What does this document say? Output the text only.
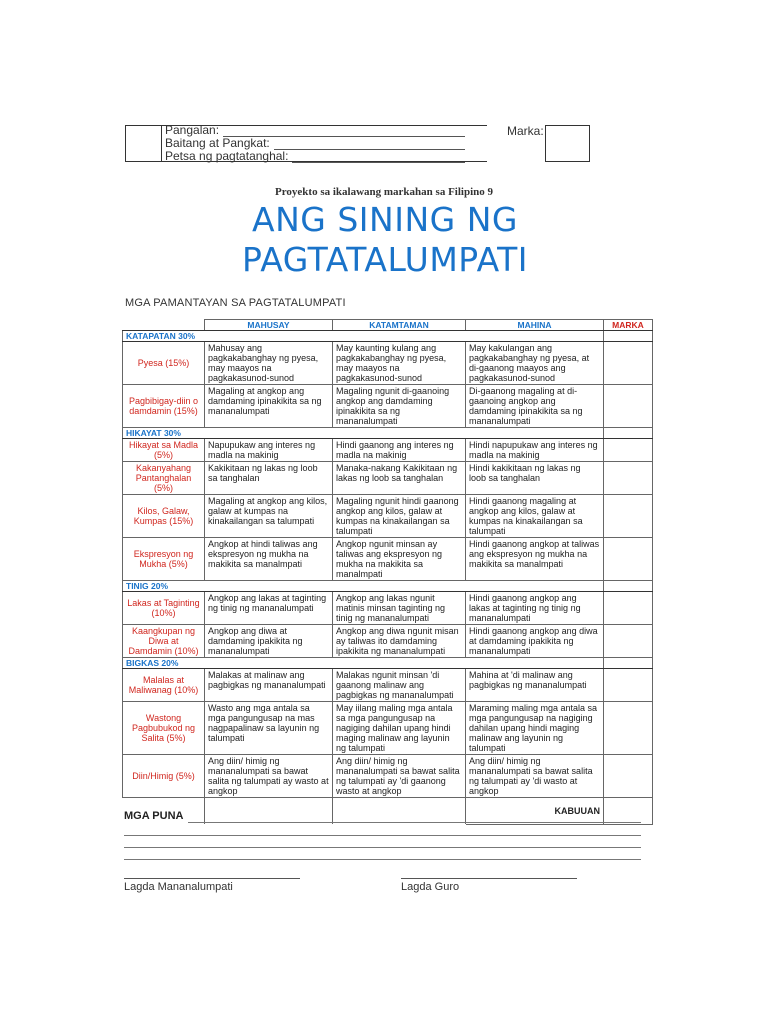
Pangalan:
Baitang at Pangkat:
Petsa ng pagtatanghal:
Marka:
Proyekto sa ikalawang markahan sa Filipino 9
ANG SINING NG PAGTATALUMPATI
MGA PAMANTAYAN SA PAGTATALUMPATI
	MAHUSAY	KATAMTAMAN	MAHINA	MARKA
KATAPATAN 30%				
Pyesa (15%)	Mahusay ang pagkakabanghay ng pyesa, may maayos na pagkakasunod-sunod	May kaunting kulang ang pagkakabanghay ng pyesa, may maayos na pagkakasunod-sunod	May kakulangan ang pagkakabanghay ng pyesa, at di-gaanong maayos ang pagkakasunod-sunod	
Pagbibigay-diin o damdamin (15%)	Magaling at angkop ang damdaming ipinakikita sa ng mananalumpati	Magaling ngunit di-gaanoing angkop ang damdaming ipinakikita sa ng mananalumpati	Di-gaanong magaling at di-gaanoing angkop ang damdaming ipinakikita sa ng mananalumpati	
HIKAYAT 30%				
Hikayat sa Madla (5%)	Napupukaw ang interes ng madla na makinig	Hindi gaanong ang interes ng madla na makinig	Hindi napupukaw ang interes ng madla na makinig	
Kakanyahang Pantanghalan (5%)	Kakikitaan ng lakas ng loob sa tanghalan	Manaka-nakang Kakikitaan ng lakas ng loob sa tanghalan	Hindi kakikitaan ng lakas ng loob sa tanghalan	
Kilos, Galaw, Kumpas (15%)	Magaling at angkop ang kilos, galaw at kumpas na kinakailangan sa talumpati	Magaling ngunit hindi gaanong angkop ang kilos, galaw at kumpas na kinakailangan sa talumpati	Hindi gaanong magaling at angkop ang kilos, galaw at kumpas na kinakailangan sa talumpati	
Ekspresyon ng Mukha (5%)	Angkop at hindi taliwas ang ekspresyon ng mukha na makikita sa manalmpati	Angkop ngunit minsan ay taliwas ang ekspresyon ng mukha na makikita sa manalmpati	Hindi gaanong angkop at taliwas ang ekspresyon ng mukha na makikita sa manalmpati	
TINIG 20%				
Lakas at Taginting (10%)	Angkop ang lakas at taginting ng tinig ng mananalumpati	Angkop ang lakas ngunit matinis minsan taginting ng tinig ng mananalumpati	Hindi gaanong angkop ang lakas at taginting ng tinig ng mananalumpati	
Kaangkupan ng Diwa at Damdamin (10%)	Angkop ang diwa at damdaming ipakikita ng mananalumpati	Angkop ang diwa ngunit misan ay taliwas ito damdaming ipakikita ng mananalumpati	Hindi gaanong angkop ang diwa at damdaming ipakikita ng mananalumpati	
BIGKAS 20%				
Malalas at Maliwanag (10%)	Malakas at malinaw ang pagbigkas ng mananalumpati	Malakas ngunit minsan 'di gaanong malinaw ang pagbigkas ng mananalumpati	Mahina at 'di malinaw ang pagbigkas ng mananalumpati	
Wastong Pagbubukod ng Salita (5%)	Wasto ang mga antala sa mga pangungusap na mas nagpapalinaw sa layunin ng talumpati	May iilang maling mga antala sa mga pangungusap na nagiging dahilan upang hindi maging malinaw ang layunin ng talumpati	Maraming maling mga antala sa mga pangungusap na nagiging dahilan upang hindi maging malinaw ang layunin ng talumpati	
Diin/Himig (5%)	Ang diin/ himig ng mananalumpati sa bawat salita ng talumpati ay wasto at angkop	Ang diin/ himig ng mananalumpati sa bawat salita ng talumpati ay 'di gaanong wasto at angkop	Ang diin/ himig ng mananalumpati sa bawat salita ng talumpati ay 'di wasto at angkop	
			KABUUAN	
MGA PUNA
Lagda Mananalumpati	Lagda Guro
